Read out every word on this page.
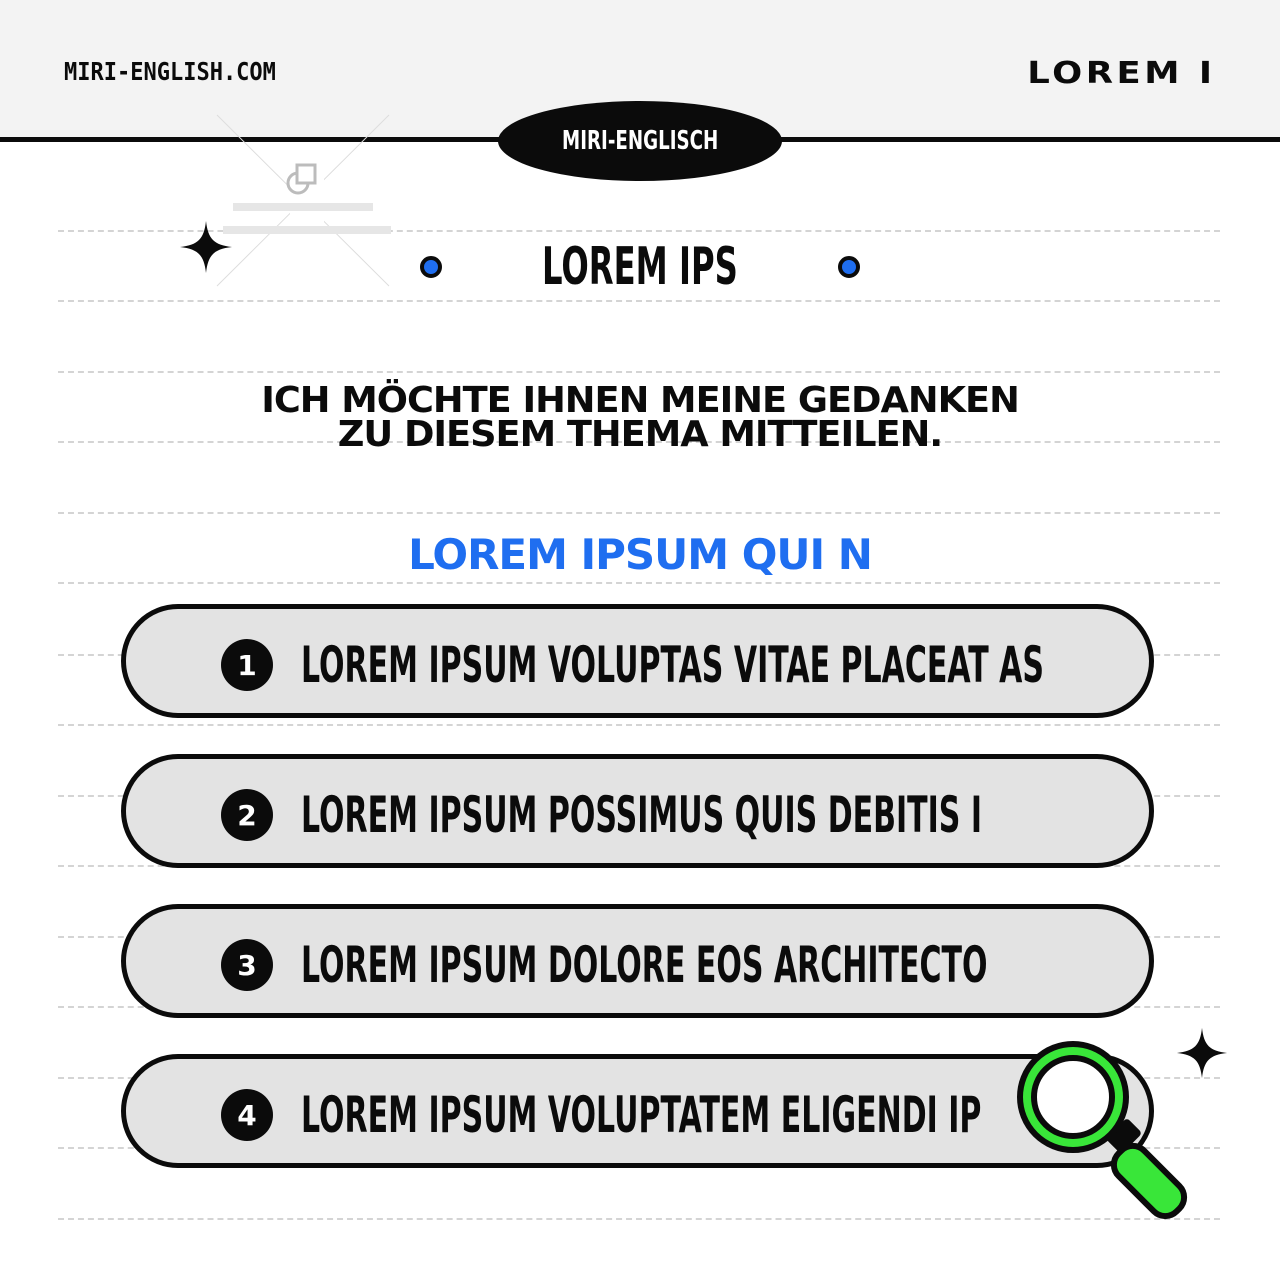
MIRI-ENGLISH.COM	LOREM I
MIRI-ENGLISCH
LOREM IPS
ICH MÖCHTE IHNEN MEINE GEDANKEN
ZU DIESEM THEMA MITTEILEN.
LOREM IPSUM QUI N
1 LOREM IPSUM VOLUPTAS VITAE PLACEAT AS
2 LOREM IPSUM POSSIMUS QUIS DEBITIS I
3 LOREM IPSUM DOLORE EOS ARCHITECTO
4 LOREM IPSUM VOLUPTATEM ELIGENDI IP
